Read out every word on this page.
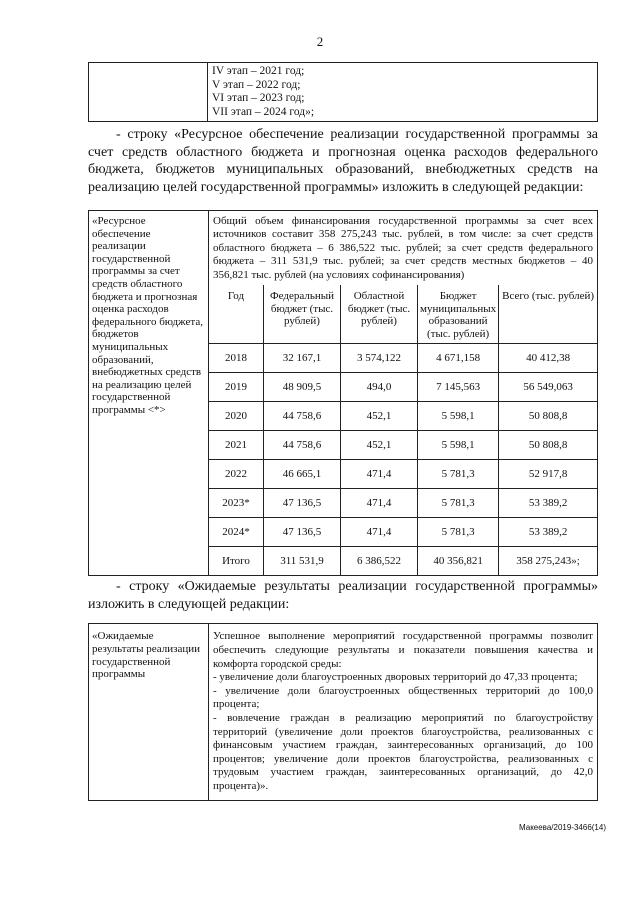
2

IV этап – 2021 год;
V этап – 2022 год;
VI этап – 2023 год;
VII этап – 2024 год»;
- строку «Ресурсное обеспечение реализации государственной программы за счет средств областного бюджета и прогнозная оценка расходов федерального бюджета, бюджетов муниципальных образований, внебюджетных средств на реализацию целей государственной программы» изложить в следующей редакции:
«Ресурсное обеспечение реализации государственной программы за счет средств областного бюджета и прогнозная оценка расходов федерального бюджета, бюджетов муниципальных образований, внебюджетных средств на реализацию целей государственной программы <*>	
Общий объем финансирования государственной программы за счет всех источников составит 358 275,243 тыс. рублей, в том числе: за счет средств областного бюджета – 6 386,522 тыс. рублей; за счет средств федерального бюджета – 311 531,9 тыс. рублей; за счет средств местных бюджетов – 40 356,821 тыс. рублей (на условиях софинансирования)
Год	Федеральный бюджет (тыс. рублей)	Областной бюджет (тыс. рублей)	Бюджет муниципальных образований (тыс. рублей)	Всего (тыс. рублей)
2018	32 167,1	3 574,122	4 671,158	40 412,38
2019	48 909,5	494,0	7 145,563	56 549,063
2020	44 758,6	452,1	5 598,1	50 808,8
2021	44 758,6	452,1	5 598,1	50 808,8
2022	46 665,1	471,4	5 781,3	52 917,8
2023*	47 136,5	471,4	5 781,3	53 389,2
2024*	47 136,5	471,4	5 781,3	53 389,2
Итого	311 531,9	6 386,522	40 356,821	358 275,243»;
- строку «Ожидаемые результаты реализации государственной программы» изложить в следующей редакции:
«Ожидаемые результаты реализации государственной программы	
Успешное выполнение мероприятий государственной программы позволит обеспечить следующие результаты и показатели повышения качества и комфорта городской среды:
- увеличение доли благоустроенных дворовых территорий до 47,33 процента;
- увеличение доли благоустроенных общественных территорий до 100,0 процента;
- вовлечение граждан в реализацию мероприятий по благоустройству территорий (увеличение доли проектов благоустройства, реализованных с финансовым участием граждан, заинтересованных организаций, до 100 процентов; увеличение доли проектов благоустройства, реализованных с трудовым участием граждан, заинтересованных организаций, до 42,0 процента)».
Макеева/2019-3466(14)
